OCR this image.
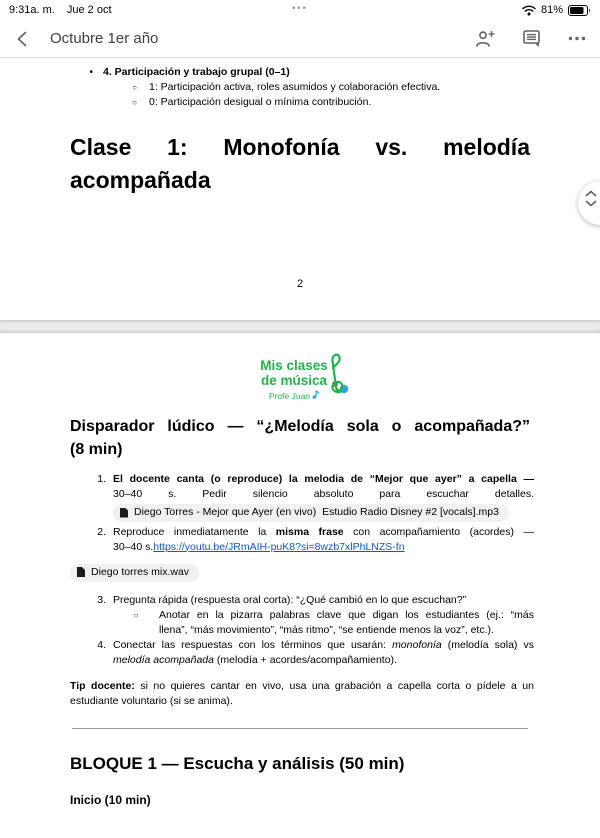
9:31a. m. Jue 2 oct	•••	81%
Octubre 1er año
• 4. Participación y trabajo grupal (0–1)
○	1: Participación activa, roles asumidos y colaboración efectiva.
○	0: Participación desigual o mínima contribución.
Clase 1: Monofonía vs. melodía
acompañada
2
Mis clases
de música
Profe Juan
Disparador lúdico — “¿Melodía sola o acompañada?”
(8 min)
1. El docente canta (o reproduce) la melodia de “Mejor que ayer” a capella —
30–40 s. Pedir silencio absoluto para escuchar detalles.
Diego Torres - Mejor que Ayer (en vivo)  Estudio Radio Disney #2 [vocals].mp3
2. Reproduce inmediatamente la misma frase con acompañamiento (acordes) —
30–40 s.https://youtu.be/JRmAIH-puK8?si=8wzb7xlPhLNZS-fn
Diego torres mix.wav
3. Pregunta rápida (respuesta oral corta): “¿Qué cambió en lo que escuchan?”
○	Anotar en la pizarra palabras clave que digan los estudiantes (ej.: “más
llena”, “más movimiento”, “más ritmo”, “se entiende menos la voz”, etc.).
4. Conectar las respuestas con los términos que usarán: monofonía (melodía sola) vs
melodía acompañada (melodía + acordes/acompañamiento).
Tip docente: si no quieres cantar en vivo, usa una grabación a capella corta o pídele a un
estudiante voluntario (si se anima).
BLOQUE 1 — Escucha y análisis (50 min)
Inicio (10 min)
